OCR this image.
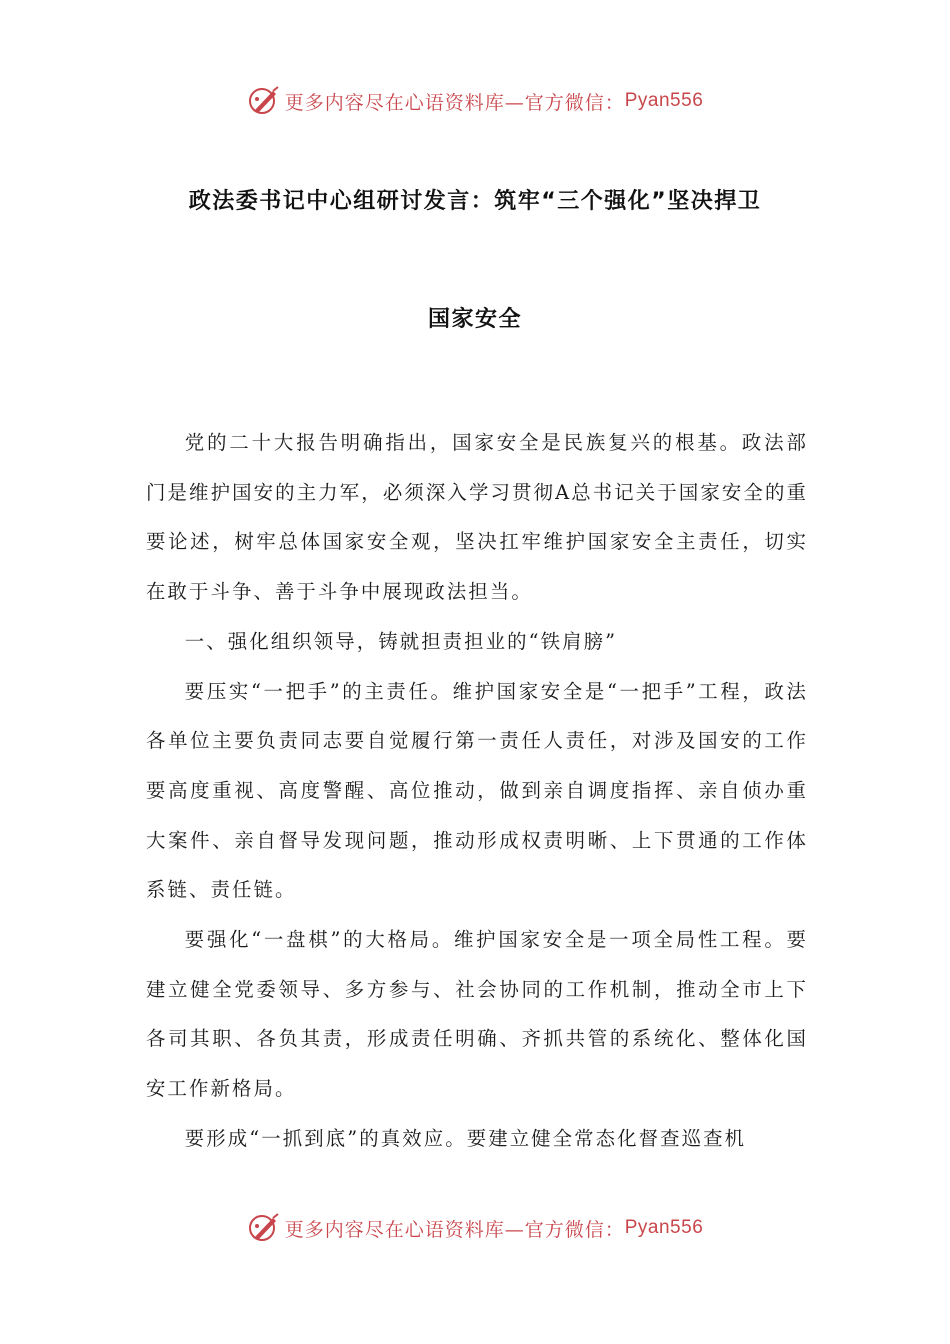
更多内容尽在心语资料库—官方微信： Pyan556
政法委书记中心组研讨发言：筑牢“三个强化”坚决捍卫
国家安全

党的二十大报告明确指出，国家安全是民族复兴的根基。政法部门是维护国安的主力军，必须深入学习贯彻A总书记关于国家安全的重要论述，树牢总体国家安全观，坚决扛牢维护国家安全主责任，切实在敢于斗争、善于斗争中展现政法担当。

一、强化组织领导，铸就担责担业的“铁肩膀”

要压实“一把手”的主责任。维护国家安全是“一把手”工程，政法各单位主要负责同志要自觉履行第一责任人责任，对涉及国安的工作要高度重视、高度警醒、高位推动，做到亲自调度指挥、亲自侦办重大案件、亲自督导发现问题，推动形成权责明晰、上下贯通的工作体系链、责任链。

要强化“一盘棋”的大格局。维护国家安全是一项全局性工程。要建立健全党委领导、多方参与、社会协同的工作机制，推动全市上下各司其职、各负其责，形成责任明确、齐抓共管的系统化、整体化国安工作新格局。

要形成“一抓到底”的真效应。要建立健全常态化督查巡查机

更多内容尽在心语资料库—官方微信： Pyan556
